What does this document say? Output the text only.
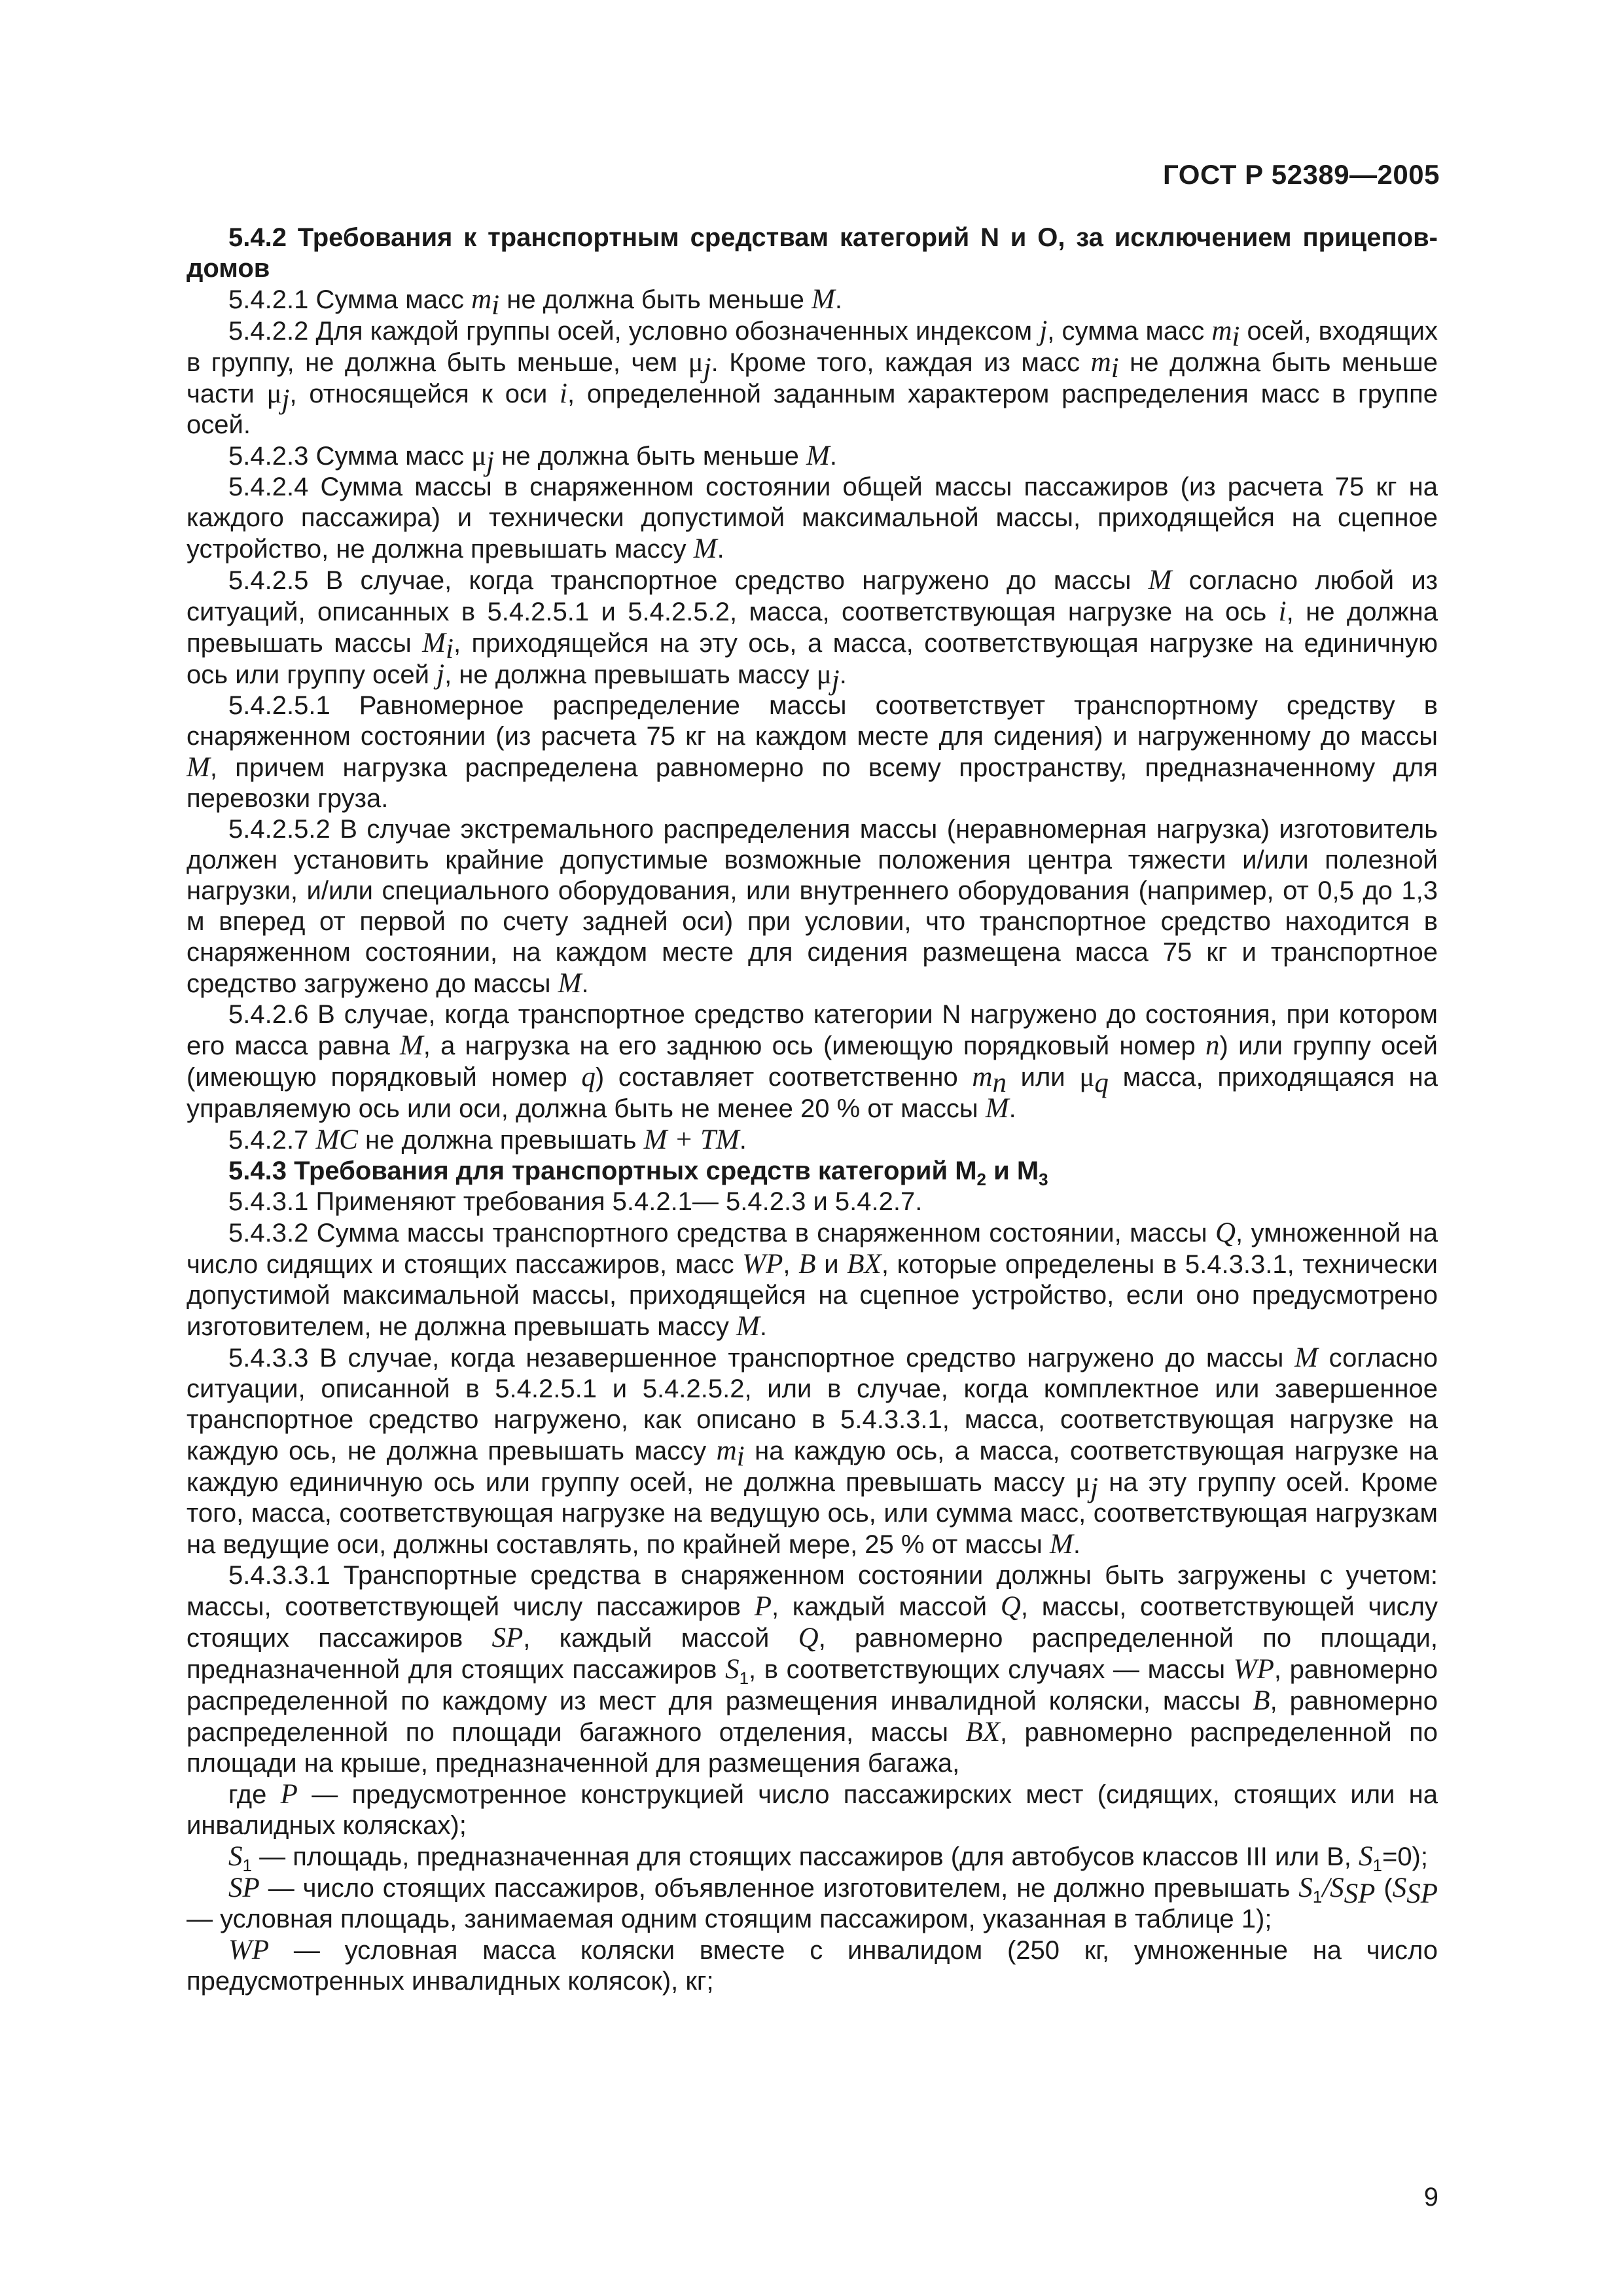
ГОСТ Р 52389—2005

5.4.2 Требования к транспортным средствам категорий N и О, за исключением прицепов-домов

5.4.2.1 Сумма масс $m_i$ не должна быть меньше M.

5.4.2.2 Для каждой группы осей, условно обозначенных индексом j, сумма масс $m_i$ осей, входящих в группу, не должна быть меньше, чем $\mu_j$. Кроме того, каждая из масс $m_i$ не должна быть меньше части $\mu_j$, относящейся к оси i, определенной заданным характером распределения масс в группе осей.

5.4.2.3 Сумма масс $\mu_j$ не должна быть меньше M.

5.4.2.4 Сумма массы в снаряженном состоянии общей массы пассажиров (из расчета 75 кг на каждого пассажира) и технически допустимой максимальной массы, приходящейся на сцепное устройство, не должна превышать массу M.

5.4.2.5 В случае, когда транспортное средство нагружено до массы M согласно любой из ситуаций, описанных в 5.4.2.5.1 и 5.4.2.5.2, масса, соответствующая нагрузке на ось i, не должна превышать массы $M_i$, приходящейся на эту ось, а масса, соответствующая нагрузке на единичную ось или группу осей j, не должна превышать массу $\mu_j$.

5.4.2.5.1 Равномерное распределение массы соответствует транспортному средству в снаряженном состоянии (из расчета 75 кг на каждом месте для сидения) и нагруженному до массы M, причем нагрузка распределена равномерно по всему пространству, предназначенному для перевозки груза.

5.4.2.5.2 В случае экстремального распределения массы (неравномерная нагрузка) изготовитель должен установить крайние допустимые возможные положения центра тяжести и/или полезной нагрузки, и/или специального оборудования, или внутреннего оборудования (например, от 0,5 до 1,3 м вперед от первой по счету задней оси) при условии, что транспортное средство находится в снаряженном состоянии, на каждом месте для сидения размещена масса 75 кг и транспортное средство загружено до массы M.

5.4.2.6 В случае, когда транспортное средство категории N нагружено до состояния, при котором его масса равна M, а нагрузка на его заднюю ось (имеющую порядковый номер n) или группу осей (имеющую порядковый номер q) составляет соответственно $m_n$ или $\mu_q$ масса, приходящаяся на управляемую ось или оси, должна быть не менее 20 % от массы M.

5.4.2.7 MC не должна превышать M + TM.

5.4.3 Требования для транспортных средств категорий $M_2$ и $M_3$

5.4.3.1 Применяют требования 5.4.2.1— 5.4.2.3 и 5.4.2.7.

5.4.3.2 Сумма массы транспортного средства в снаряженном состоянии, массы Q, умноженной на число сидящих и стоящих пассажиров, масс WP, B и BX, которые определены в 5.4.3.3.1, технически допустимой максимальной массы, приходящейся на сцепное устройство, если оно предусмотрено изготовителем, не должна превышать массу M.

5.4.3.3 В случае, когда незавершенное транспортное средство нагружено до массы M согласно ситуации, описанной в 5.4.2.5.1 и 5.4.2.5.2, или в случае, когда комплектное или завершенное транспортное средство нагружено, как описано в 5.4.3.3.1, масса, соответствующая нагрузке на каждую ось, не должна превышать массу $m_i$ на каждую ось, а масса, соответствующая нагрузке на каждую единичную ось или группу осей, не должна превышать массу $\mu_j$ на эту группу осей. Кроме того, масса, соответствующая нагрузке на ведущую ось, или сумма масс, соответствующая нагрузкам на ведущие оси, должны составлять, по крайней мере, 25 % от массы M.

5.4.3.3.1 Транспортные средства в снаряженном состоянии должны быть загружены с учетом: массы, соответствующей числу пассажиров P, каждый массой Q, массы, соответствующей числу стоящих пассажиров SP, каждый массой Q, равномерно распределенной по площади, предназначенной для стоящих пассажиров $S_1$, в соответствующих случаях — массы WP, равномерно распределенной по каждому из мест для размещения инвалидной коляски, массы B, равномерно распределенной по площади багажного отделения, массы BX, равномерно распределенной по площади на крыше, предназначенной для размещения багажа,

где P — предусмотренное конструкцией число пассажирских мест (сидящих, стоящих или на инвалидных колясках);

$S_1$ — площадь, предназначенная для стоящих пассажиров (для автобусов классов III или B, $S_1=0$);

SP — число стоящих пассажиров, объявленное изготовителем, не должно превышать $S_1/S_{SP}$ ($S_{SP}$ — условная площадь, занимаемая одним стоящим пассажиром, указанная в таблице 1);

WP — условная масса коляски вместе с инвалидом (250 кг, умноженные на число предусмотренных инвалидных колясок), кг;

9
